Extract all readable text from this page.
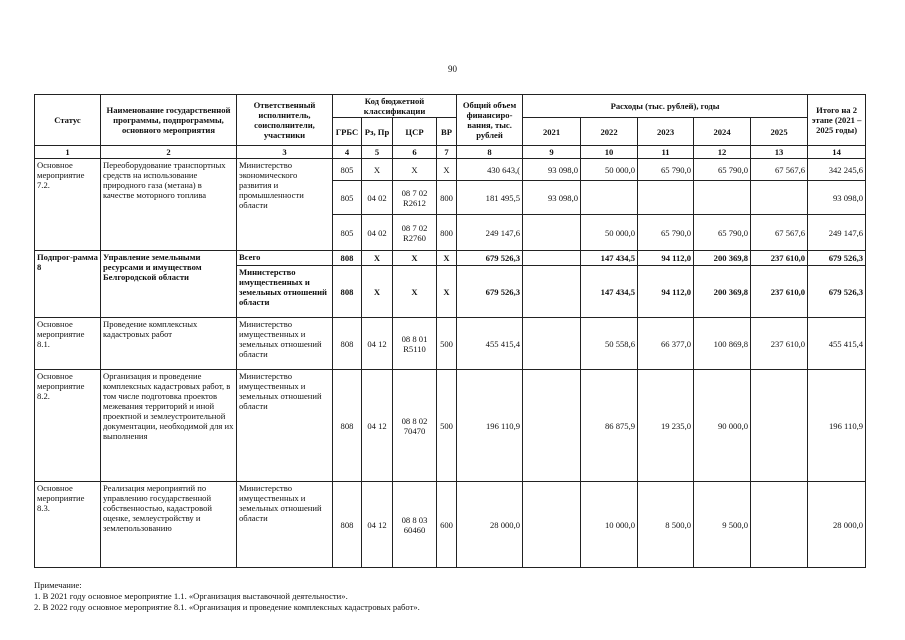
90
Статус	Наименование государственной программы, подпрограммы, основного мероприятия	Ответственный исполнитель, соисполнители, участники	Код бюджетной классификации				Общий объем финансиро-вания, тыс. рублей	Расходы (тыс. рублей), годы					Итого на 2 этапе (2021 – 2025 годы)
			ГРБС	Рз, Пр	ЦСР	ВР		2021	2022	2023	2024	2025	
1	2	3	4	5	6	7	8	9	10	11	12	13	14
Основное мероприятие 7.2.	Переоборудование транспортных средств на использование природного газа (метана) в качестве моторного топлива	Министерство экономического развития и промышленности области	805	X	X	X	430 643,(	93 098,0	50 000,0	65 790,0	65 790,0	67 567,6	342 245,6
			805	04 02	08 7 02 R2612	800	181 495,5	93 098,0					93 098,0
			805	04 02	08 7 02 R2760	800	249 147,6		50 000,0	65 790,0	65 790,0	67 567,6	249 147,6
Подпрог-рамма 8	Управление земельными ресурсами и имуществом Белгородской области	Всего	808	X	X	X	679 526,3		147 434,5	94 112,0	200 369,8	237 610,0	679 526,3
		Министерство имущественных и земельных отношений области	808	X	X	X	679 526,3		147 434,5	94 112,0	200 369,8	237 610,0	679 526,3
Основное мероприятие 8.1.	Проведение комплексных кадастровых работ	Министерство имущественных и земельных отношений области	808	04 12	08 8 01 R5110	500	455 415,4		50 558,6	66 377,0	100 869,8	237 610,0	455 415,4
Основное мероприятие 8.2.	Организация и проведение комплексных кадастровых работ, в том числе подготовка проектов межевания территорий и иной проектной и землеустроительной документации, необходимой для их выполнения	Министерство имущественных и земельных отношений области	808	04 12	08 8 02 70470	500	196 110,9		86 875,9	19 235,0	90 000,0		196 110,9
Основное мероприятие 8.3.	Реализация мероприятий по управлению государственной собственностью, кадастровой оценке, землеустройству и землепользованию	Министерство имущественных и земельных отношений области	808	04 12	08 8 03 60460	600	28 000,0		10 000,0	8 500,0	9 500,0		28 000,0
Примечание:
1. В 2021 году основное мероприятие 1.1. «Организация выставочной деятельности».
2. В 2022 году основное мероприятие 8.1. «Организация и проведение комплексных кадастровых работ».
